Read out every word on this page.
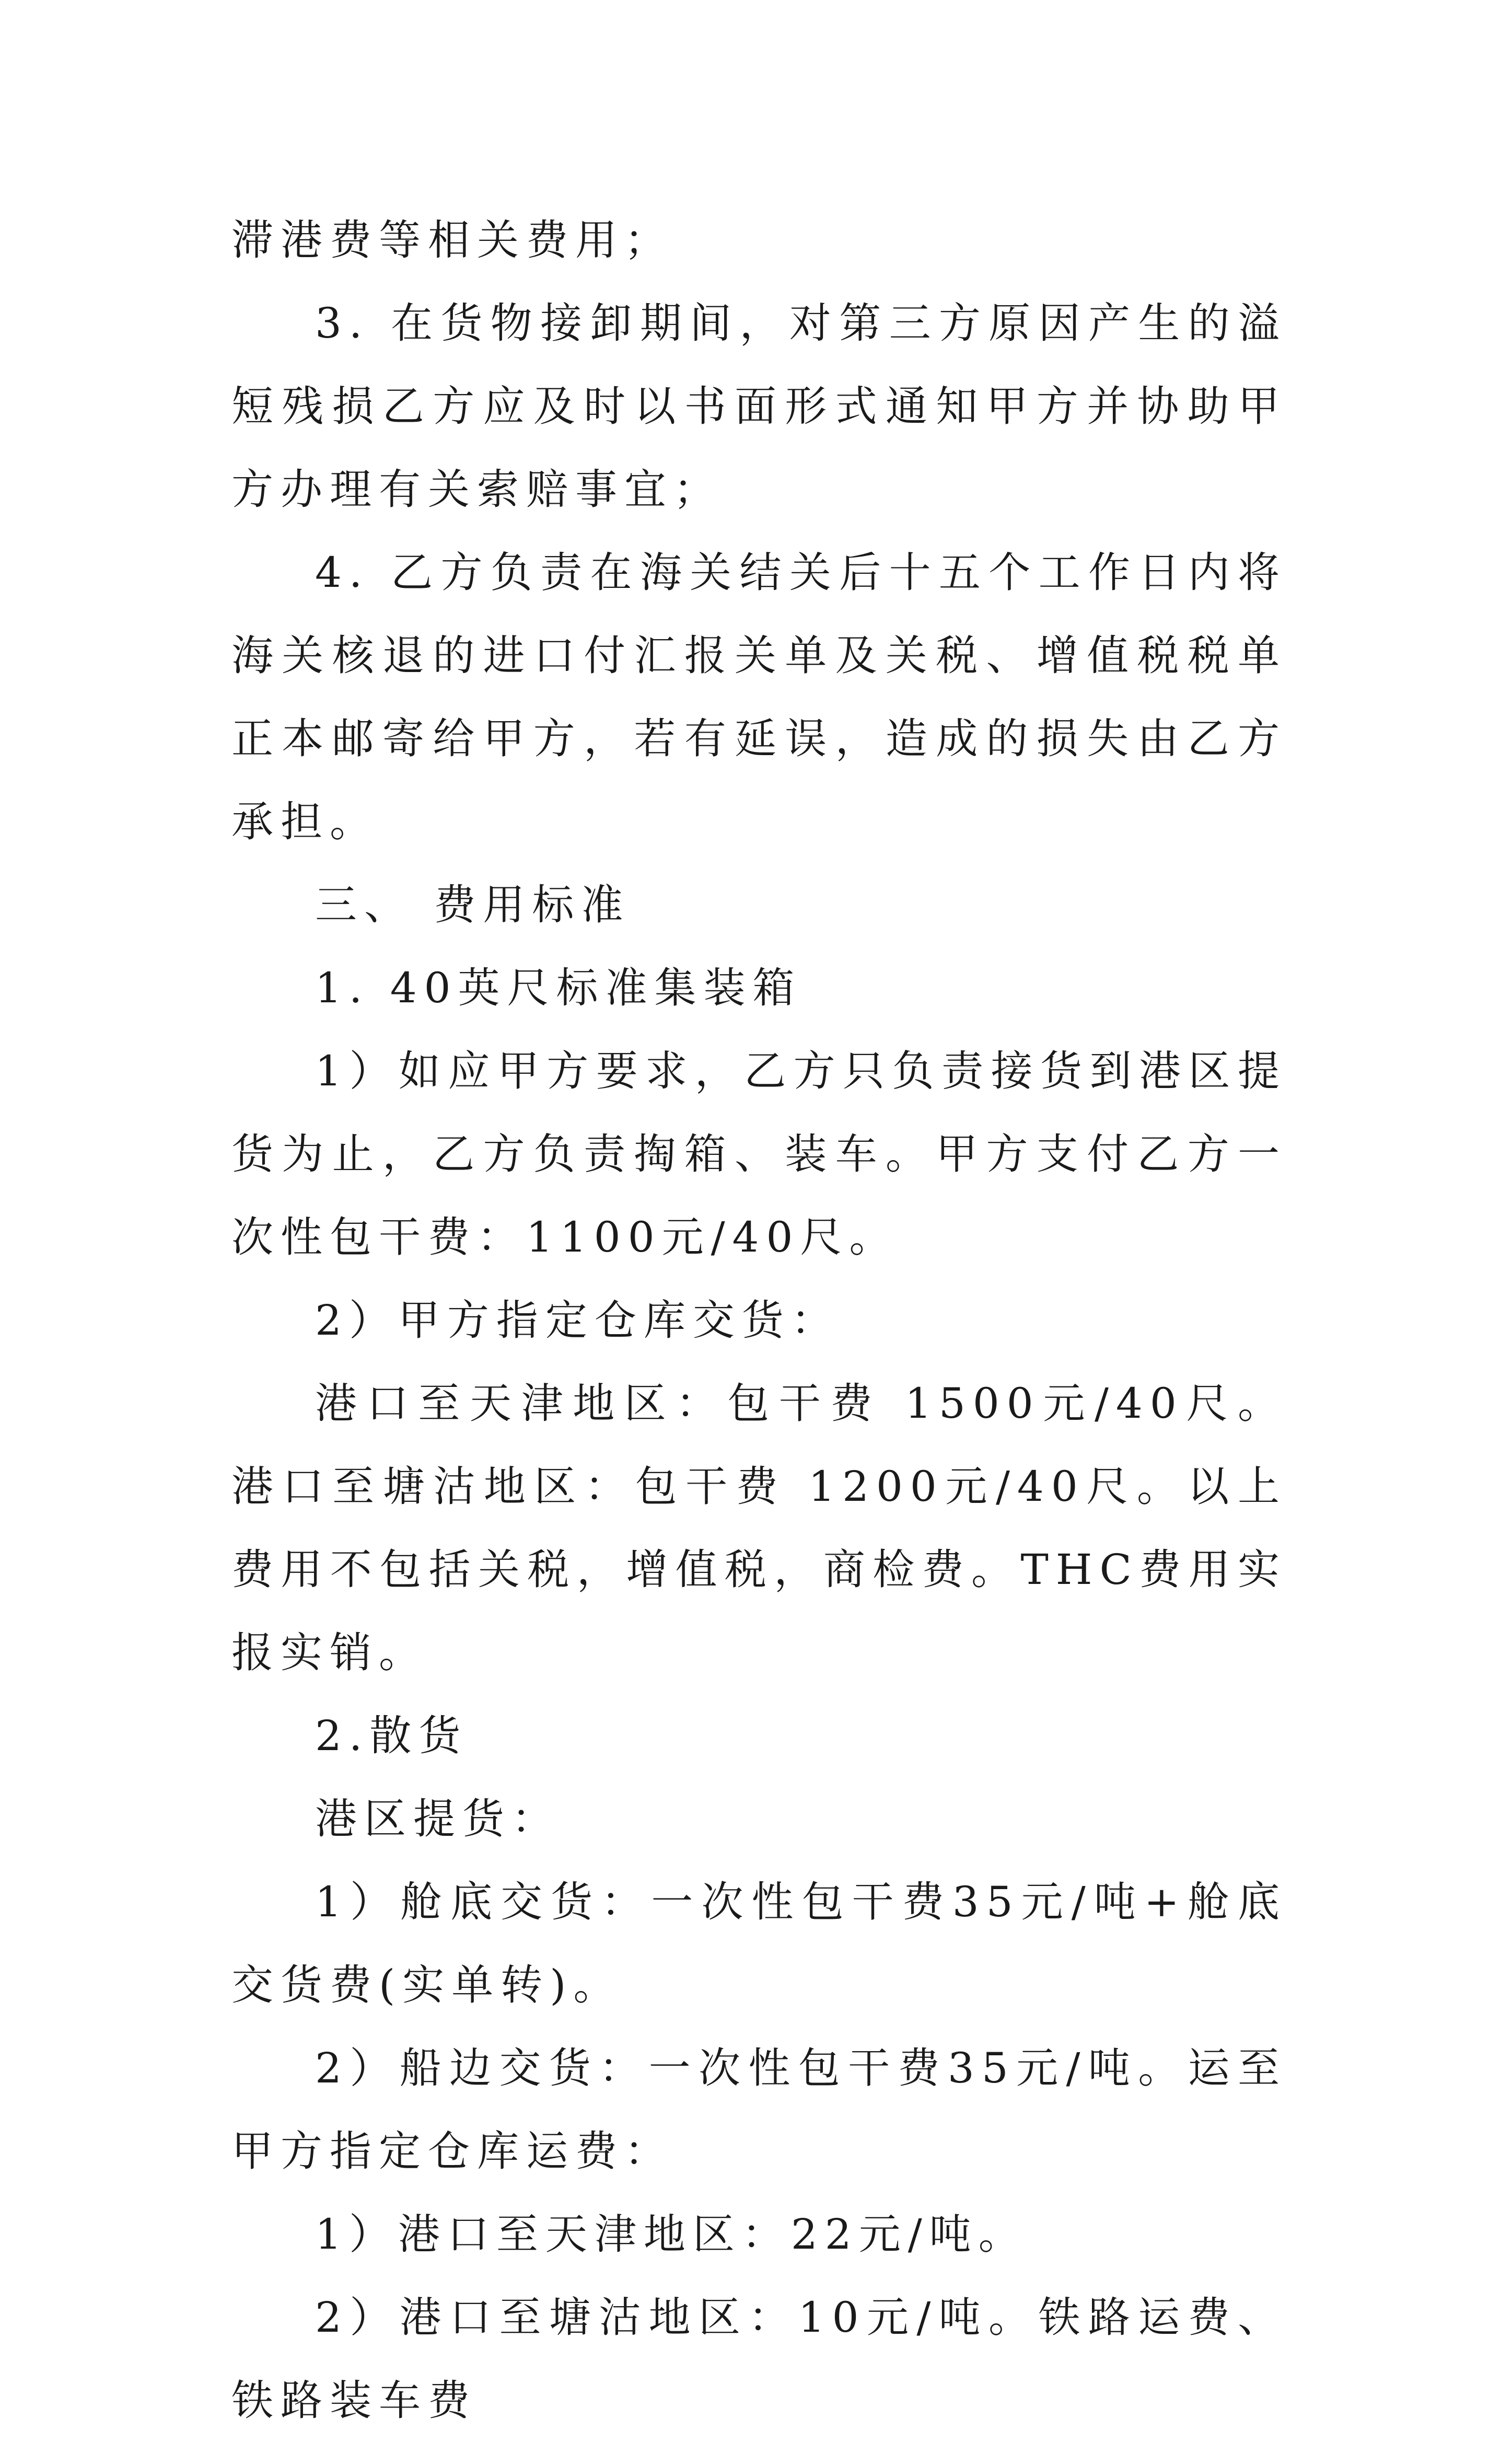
滞港费等相关费用；

3. 在货物接卸期间，对第三方原因产生的溢短残损乙方应及时以书面形式通知甲方并协助甲方办理有关索赔事宜；

4. 乙方负责在海关结关后十五个工作日内将海关核退的进口付汇报关单及关税、增值税税单正本邮寄给甲方，若有延误，造成的损失由乙方承担。

三、 费用标准

1. 40英尺标准集装箱

1）如应甲方要求，乙方只负责接货到港区提货为止，乙方负责掏箱、装车。甲方支付乙方一次性包干费：1100元/40尺。

2）甲方指定仓库交货：

港口至天津地区：包干费 1500元/40尺。港口至塘沽地区：包干费 1200元/40尺。以上费用不包括关税，增值税，商检费。THC费用实报实销。

2.散货

港区提货：

1）舱底交货：一次性包干费35元/吨+舱底交货费(实单转)。

2）船边交货：一次性包干费35元/吨。运至甲方指定仓库运费：

1）港口至天津地区：22元/吨。

2）港口至塘沽地区：10元/吨。铁路运费、铁路装车费
